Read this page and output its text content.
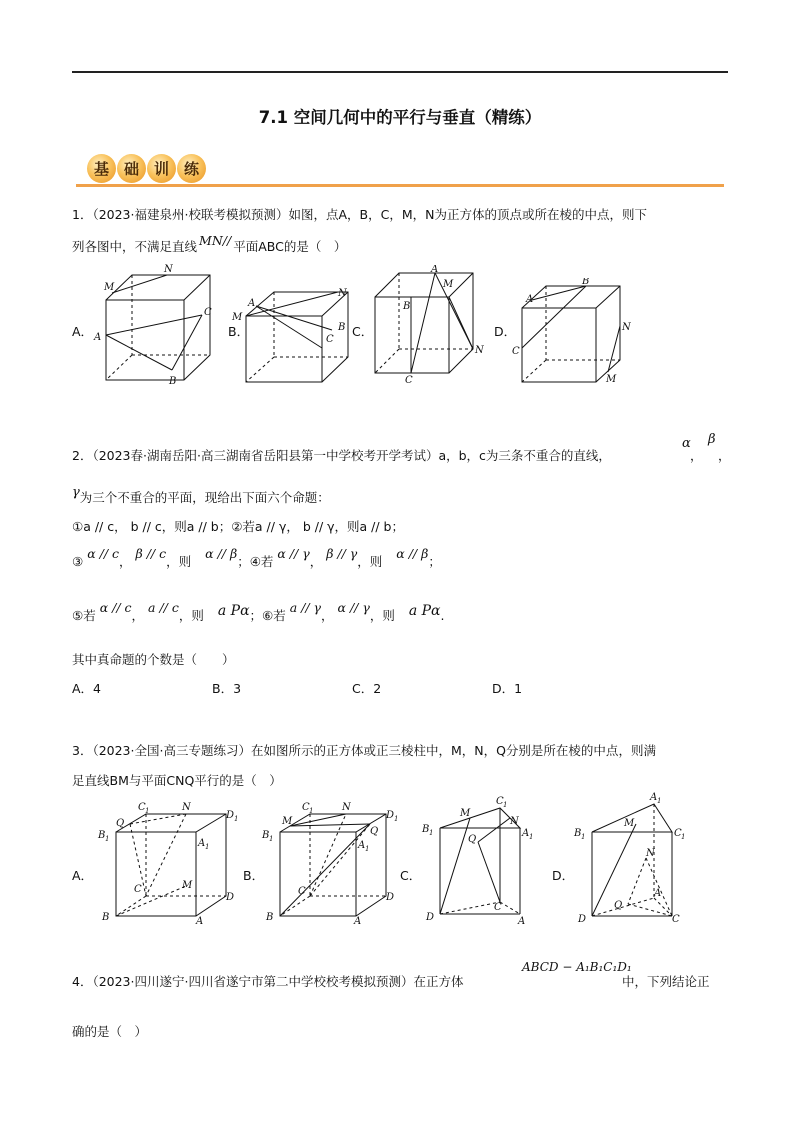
7.1 空间几何中的平行与垂直（精练）
基 础 训 练
1．（2023·福建泉州·校联考模拟预测）如图，点A，B，C，M，N为正方体的顶点或所在棱的中点，则下
列各图中，不满足直线 MN// 平面ABC的是（　）
A．
M
N
A
C
B
B．
M
A
N
B
C
C．
A
B
C
N
M
D．
A
B
C
N
M
2．（2023春·湖南岳阳·高三湖南省岳阳县第一中学校考开学考试）a，b，c为三条不重合的直线，
α
，
β
，
γ为三个不重合的平面，现给出下面六个命题：
①a // c， b // c，则a // b；②若a // γ， b // γ，则a // b；
③ α // c， β // c，则 α // β；④若 α // γ， β // γ，则 α // β；
⑤若 α // c， a // c，则 a Pα；⑥若 a // γ， α // γ，则 a Pα.
其中真命题的个数是（　　）
A．4	B．3	C．2	D．1
3．（2023·全国·高三专题练习）在如图所示的正方体或正三棱柱中，M，N，Q分别是所在棱的中点，则满
足直线BM与平面CNQ平行的是（　）
A．
C 1	N
D 1
Q
B 1	A 1
C	M
D
B	A
B．
C 1	N
D 1
M
B 1
Q
A 1
C
D
B	A
C．
C 1
M
N
B 1	A 1
Q
C
D	A
D．
A 1
M
C 1
B 1
N
A
Q
D	C
4．（2023·四川遂宁·四川省遂宁市第二中学校校考模拟预测）在正方体
ABCD − A₁B₁C₁D₁
中，下列结论正
确的是（　）
